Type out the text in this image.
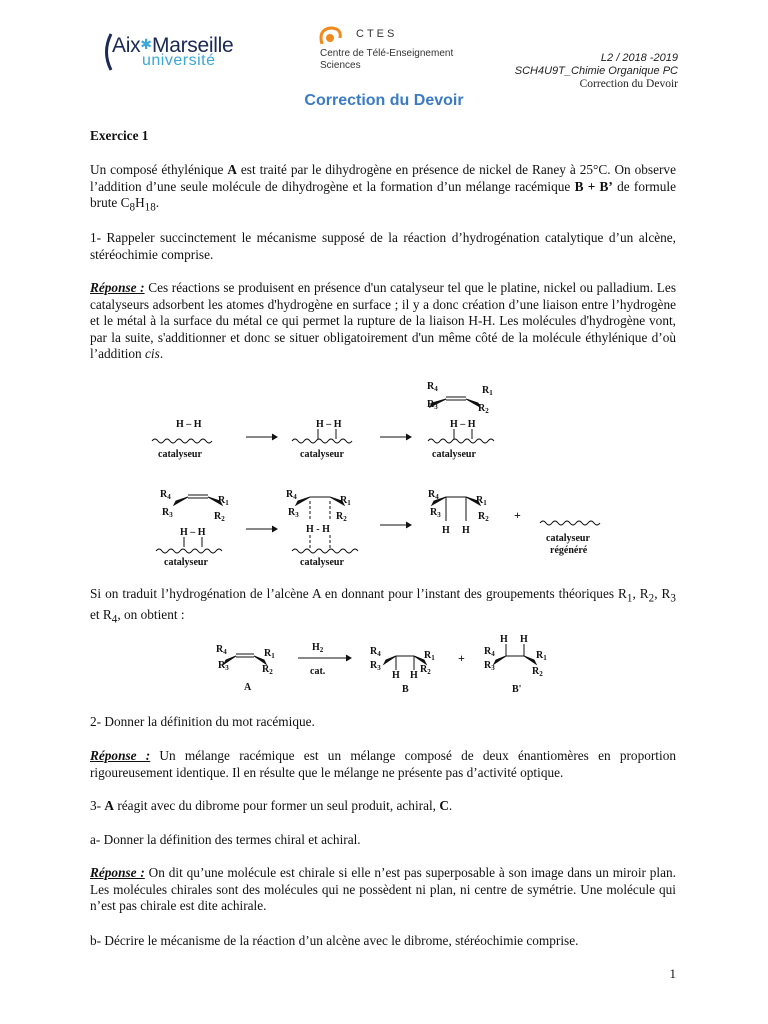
Aix✱Marseille
université
CTES
Centre de Télé-Enseignement
Sciences
L2 / 2018 -2019
SCH4U9T_Chimie Organique PC
Correction du Devoir
Correction du Devoir
Exercice 1

Un composé éthylénique A est traité par le dihydrogène en présence de nickel de Raney à 25°C. On observe l’addition d’une seule molécule de dihydrogène et la formation d’un mélange racémique B + B’ de formule brute $C_8H_{18}$.

1- Rappeler succinctement le mécanisme supposé de la réaction d’hydrogénation catalytique d’un alcène, stéréochimie comprise.

Réponse : Ces réactions se produisent en présence d'un catalyseur tel que le platine, nickel ou palladium. Les catalyseurs adsorbent les atomes d'hydrogène en surface ; il y a donc création d’une liaison entre l’hydrogène et le métal à la surface du métal ce qui permet la rupture de la liaison H-H. Les molécules d'hydrogène vont, par la suite, s'additionner et donc se situer obligatoirement d'un même côté de la molécule éthylénique d’où l’addition cis.

H – H
catalyseur
H – H
catalyseur
H – H
catalyseur
$R_4$	$R_1$
$R_3$	$R_2$
$R_4$	$R_1$
$R_3$	$R_2$
H – H
catalyseur
$R_4$	$R_1$
$R_3$	$R_2$
H - H
catalyseur
$R_4$	$R_1$
$R_3$	$R_2$
H H
+
catalyseur
régénéré

Si on traduit l’hydrogénation de l’alcène A en donnant pour l’instant des groupements théoriques $R_1$, $R_2$, $R_3$ et $R_4$, on obtient :

$R_4$	$R_1$
$R_3$	$R_2$
A
$H_2$
cat.
$R_4$	$R_1$
$R_3$	$R_2$
H H
B
+
H H
$R_4$	$R_1$
$R_3$	$R_2$
B'
2- Donner la définition du mot racémique.

Réponse : Un mélange racémique est un mélange composé de deux énantiomères en proportion rigoureusement identique. Il en résulte que le mélange ne présente pas d’activité optique.

3- A réagit avec du dibrome pour former un seul produit, achiral, C.

a- Donner la définition des termes chiral et achiral.

Réponse : On dit qu’une molécule est chirale si elle n’est pas superposable à son image dans un miroir plan. Les molécules chirales sont des molécules qui ne possèdent ni plan, ni centre de symétrie. Une molécule qui n’est pas chirale est dite achirale.

b- Décrire le mécanisme de la réaction d’un alcène avec le dibrome, stéréochimie comprise.
1
